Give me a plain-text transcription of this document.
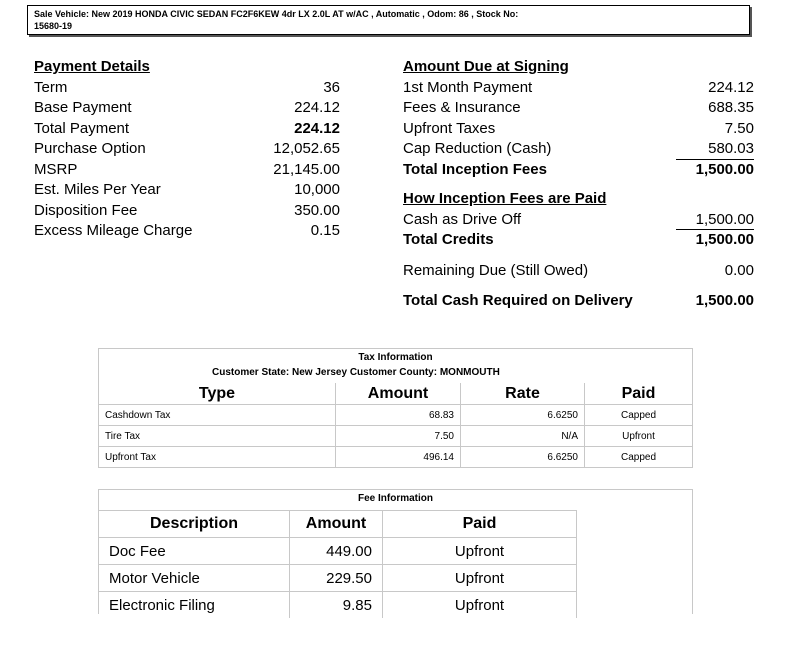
Sale Vehicle: New 2019 HONDA CIVIC SEDAN FC2F6KEW 4dr LX 2.0L AT w/AC , Automatic , Odom: 86 , Stock No:
15680-19
Payment Details
Term	36
Base Payment	224.12
Total Payment	224.12
Purchase Option	12,052.65
MSRP	21,145.00
Est. Miles Per Year	10,000
Disposition Fee	350.00
Excess Mileage Charge	0.15
Amount Due at Signing
1st Month Payment	224.12
Fees & Insurance	688.35
Upfront Taxes	7.50
Cap Reduction (Cash)	580.03
Total Inception Fees	1,500.00
How Inception Fees are Paid
Cash as Drive Off	1,500.00
Total Credits	1,500.00
Remaining Due (Still Owed)	0.00
Total Cash Required on Delivery	1,500.00
Tax Information
Customer State: New Jersey Customer County: MONMOUTH
Type	Amount	Rate	Paid
Cashdown Tax	68.83	6.6250	Capped
Tire Tax	7.50	N/A	Upfront
Upfront Tax	496.14	6.6250	Capped
Fee Information
Description	Amount	Paid
Doc Fee	449.00	Upfront
Motor Vehicle	229.50	Upfront
Electronic Filing	9.85	Upfront
